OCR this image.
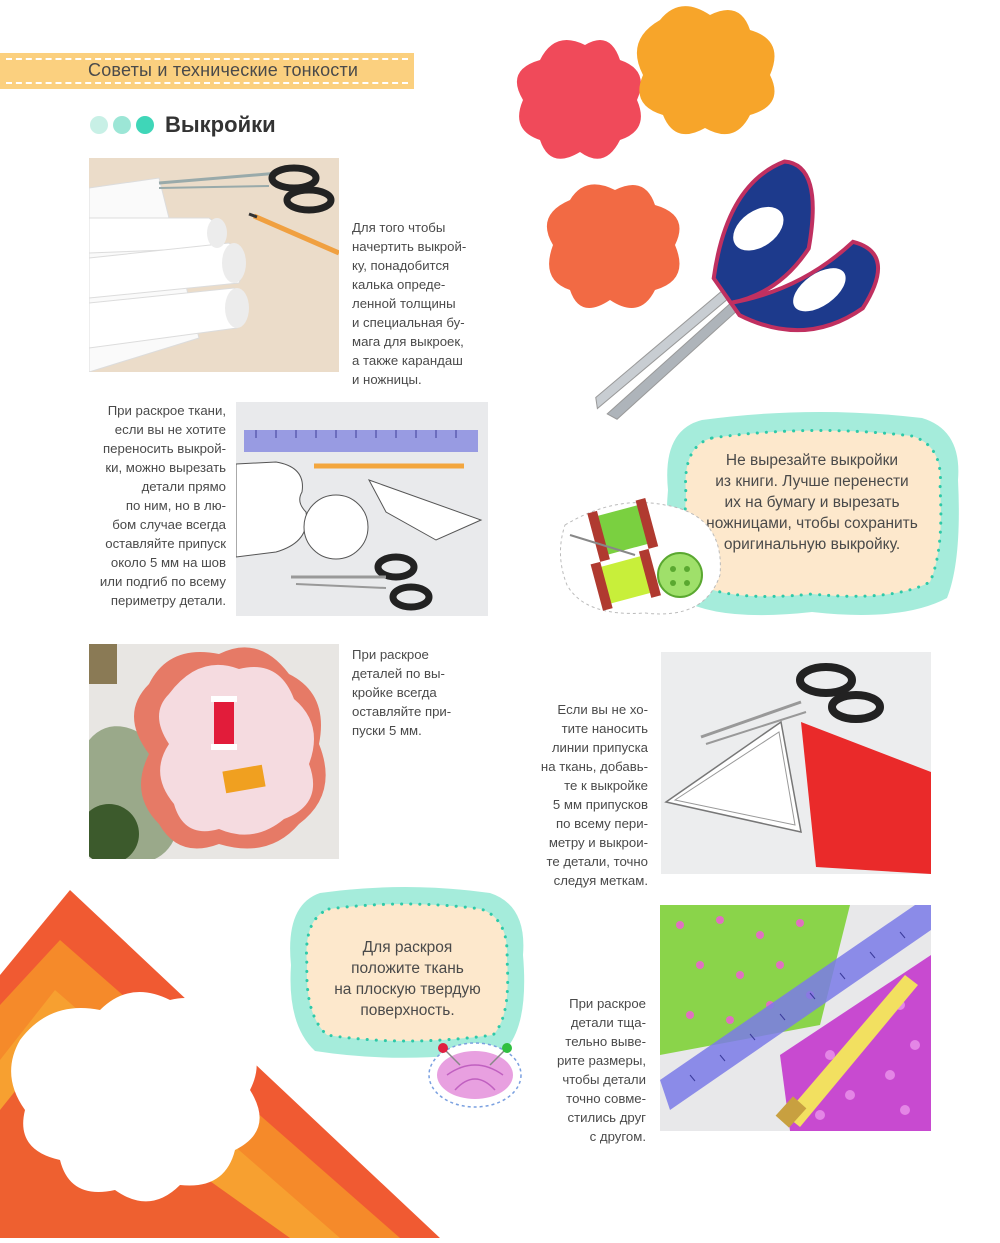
Советы и технические тонкости
Выкройки
Для того чтобы
начертить выкрой-
ку, понадобится
калька опреде-
ленной толщины
и специальная бу-
мага для выкроек,
а также карандаш
и ножницы.
При раскрое ткани,
если вы не хотите
переносить выкрой-
ки, можно вырезать
детали прямо
по ним, но в лю-
бом случае всегда
оставляйте припуск
около 5 мм на шов
или подгиб по всему
периметру детали.
При раскрое
деталей по вы-
кройке всегда
оставляйте при-
пуски 5 мм.
Не вырезайте выкройки
из книги. Лучше перенести
их на бумагу и вырезать
ножницами, чтобы сохранить
оригинальную выкройку.
Если вы не хо-
тите наносить
линии припуска
на ткань, добавь-
те к выкройке
5 мм припусков
по всему пери-
метру и выкрои-
те детали, точно
следуя меткам.
Для раскроя
положите ткань
на плоскую твердую
поверхность.	При раскрое
детали тща-
тельно выве-
рите размеры,
чтобы детали
точно совме-
стились друг
с другом.
